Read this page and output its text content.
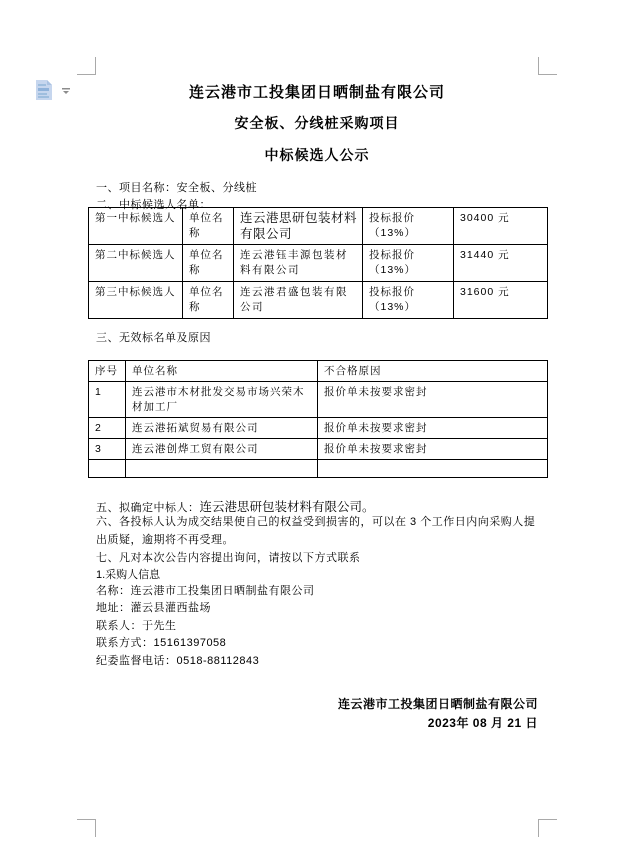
连云港市工投集团日晒制盐有限公司
安全板、分线桩采购项目
中标候选人公示
一、项目名称：安全板、分线桩
二、中标候选人名单：
第一中标候选人	单位名称	连云港思研包装材料有限公司	投标报价（13%）	30400 元
第二中标候选人	单位名称	连云港钰丰源包装材料有限公司	投标报价（13%）	31440 元
第三中标候选人	单位名称	连云港君盛包装有限公司	投标报价（13%）	31600 元
三、无效标名单及原因
序号	单位名称	不合格原因
1	连云港市木材批发交易市场兴荣木材加工厂	报价单未按要求密封
2	连云港拓斌贸易有限公司	报价单未按要求密封
3	连云港创烨工贸有限公司	报价单未按要求密封

五、拟确定中标人：连云港思研包装材料有限公司。
六、各投标人认为成交结果使自己的权益受到损害的，可以在 3 个工作日内向采购人提出质疑，逾期将不再受理。
七、凡对本次公告内容提出询问，请按以下方式联系
1.采购人信息
名称：连云港市工投集团日晒制盐有限公司
地址：灌云县灌西盐场
联系人：于先生
联系方式：15161397058
纪委监督电话：0518-88112843
连云港市工投集团日晒制盐有限公司
2023年 08 月 21 日
